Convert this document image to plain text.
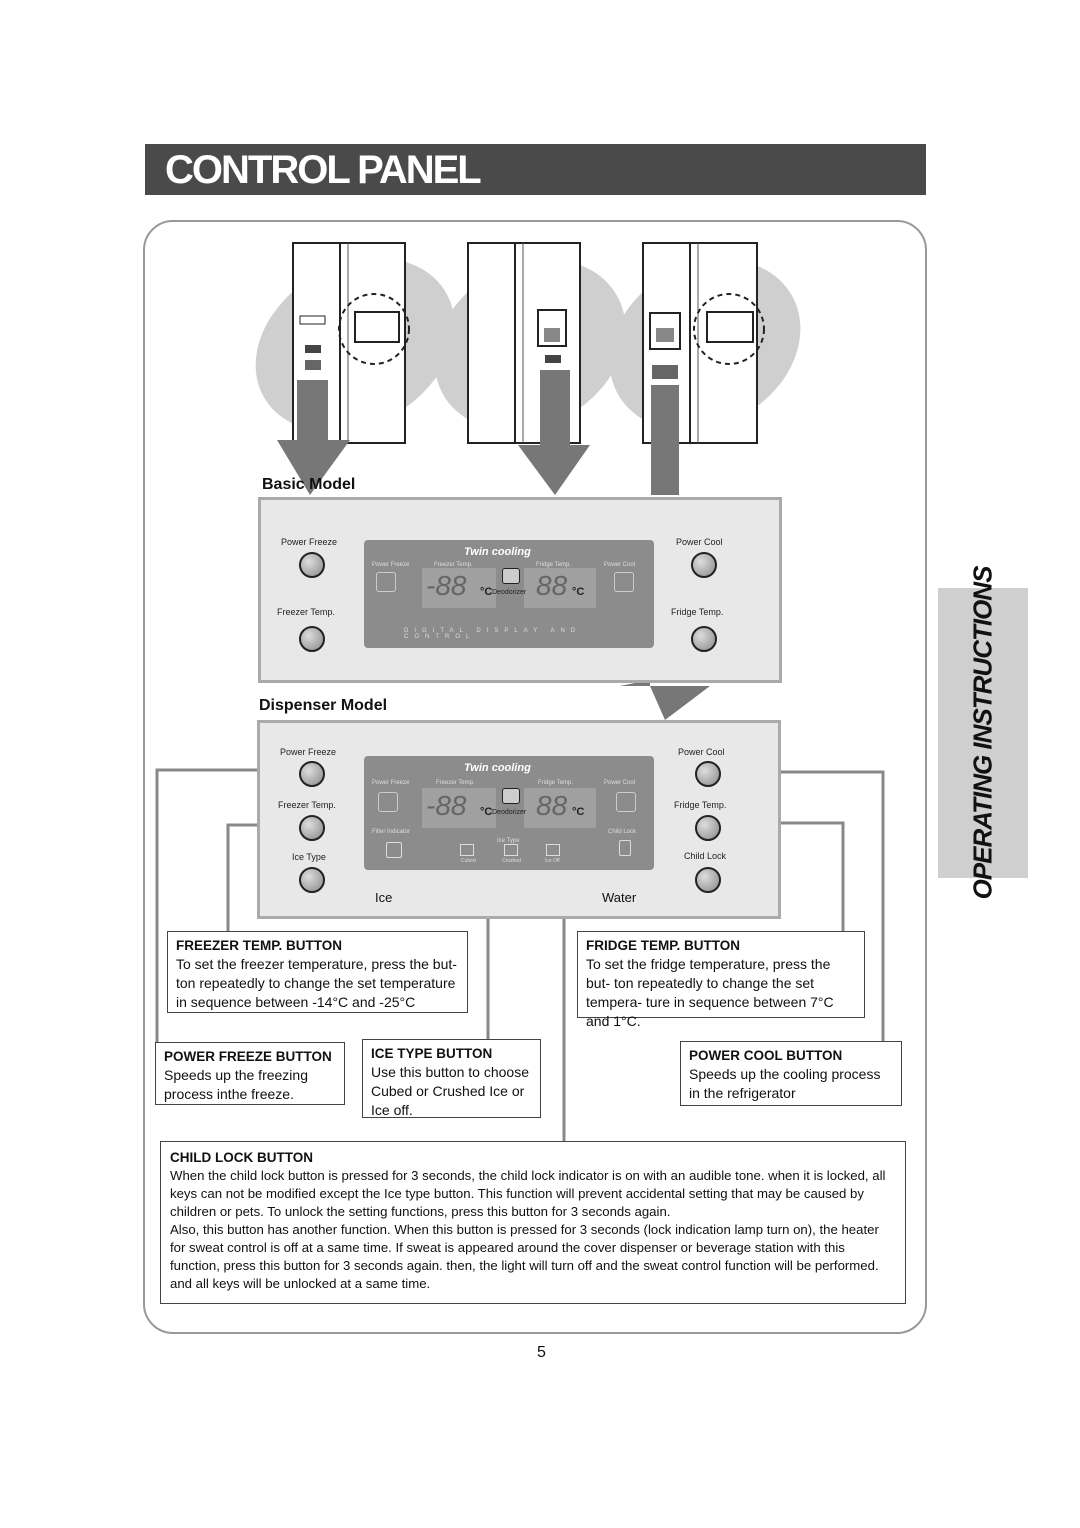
CONTROL PANEL
OPERATING INSTRUCTIONS
Basic Model
Power Freeze
Freezer Temp.
Power Cool
Fridge Temp.
Twin cooling
Power Freeze	Freezer Temp.	Fridge Temp.	Power Cool
-88 °C 88 °C
Deodorizer
DIGITAL DISPLAY AND CONTROL
Dispenser Model
Power Freeze
Freezer Temp.
Ice Type
Power Cool
Fridge Temp.
Child Lock
Ice	Water
Twin cooling
Power Freeze	Freezer Temp.	Fridge Temp.	Power Cool
-88 °C 88 °C
Deodorizer
Filter Indicator	Child Lock
Ice Type
Cubed	Crushed	Ice Off
FREEZER TEMP. BUTTON

To set the freezer temperature, press the but- ton repeatedly to change the set temperature in sequence between -14°C and -25°C

FRIDGE TEMP. BUTTON

To set the fridge temperature, press the but- ton repeatedly to change the set tempera- ture in sequence between 7°C and 1°C.

POWER FREEZE BUTTON

Speeds up the freezing process inthe freeze.

ICE TYPE BUTTON

Use this button to choose Cubed or Crushed Ice or Ice off.

POWER COOL BUTTON

Speeds up the cooling process in the refrigerator

CHILD LOCK BUTTON

When the child lock button is pressed for 3 seconds, the child lock indicator is on with an audible tone. when it is locked, all keys can not be modified except the Ice type button. This function will prevent accidental setting that may be caused by children or pets. To unlock the setting functions, press this button for 3 seconds again.

Also, this button has another function. When this button is pressed for 3 seconds (lock indication lamp turn on), the heater for sweat control is off at a same time. If sweat is appeared around the cover dispenser or beverage station with this function, press this button for 3 seconds again. then, the light will turn off and the sweat control function will be performed. and all keys will be unlocked at a same time.

5
